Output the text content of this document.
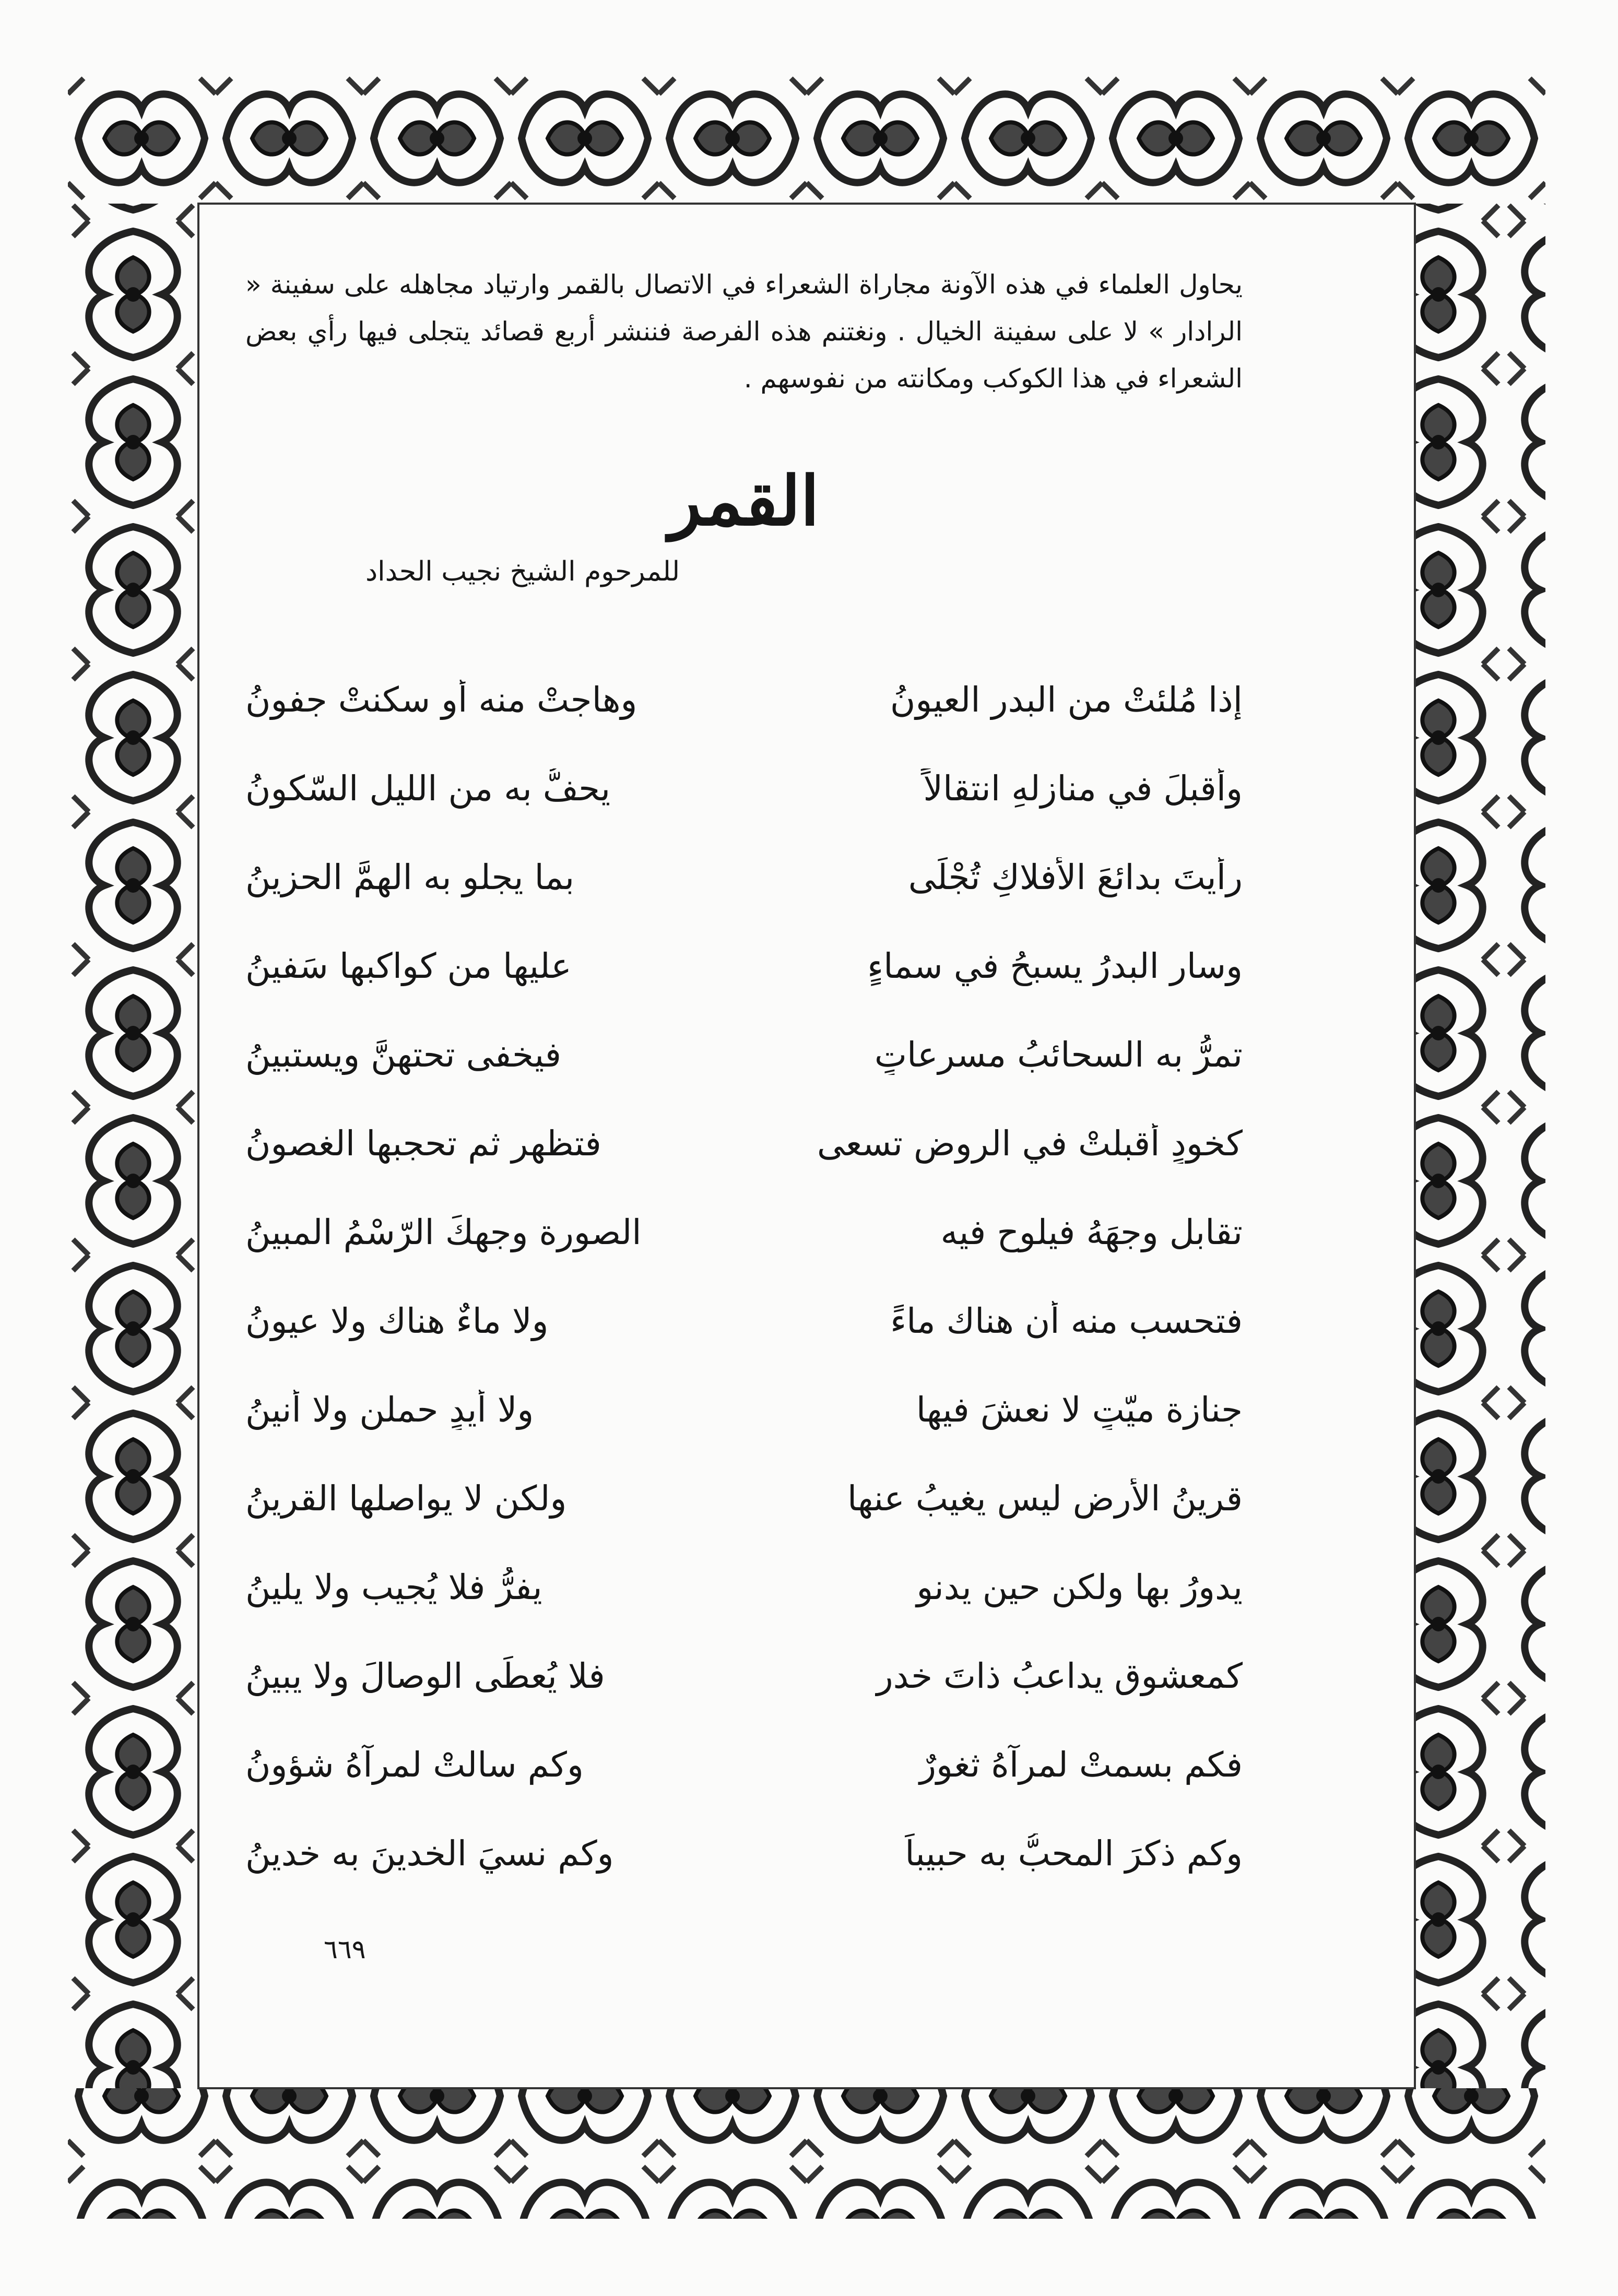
يحاول العلماء في هذه الآونة مجاراة الشعراء في الاتصال بالقمر وارتياد مجاهله على سفينة « الرادار » لا على سفينة الخيال . ونغتنم هذه الفرصة فننشر أربع قصائد يتجلى فيها رأي بعض الشعراء في هذا الكوكب ومكانته من نفوسهم .

القمر
للمرحوم الشيخ نجيب الحداد
إذا مُلئتْ من البدرِ العيونُ
وهاجتْ منه أو سكنتْ جفونُ
وأقبلَ في منازلهِ انتقالاً
يحفُّ به من الليلِ السّكونُ
رأيتَ بدائعَ الأفلاكِ تُجْلَى
بما يجلو به الهمَّ الحزينُ
وسار البدرُ يسبحُ في سماءٍ
عليها من كواكبها سَفينُ
تمرُّ به السحائبُ مسرعاتٍ
فيخفى تحتهنَّ ويستبينُ
كخودٍ أقبلتْ في الروض تسعى
فتظهر ثم تحجبها الغصونُ
تقابل وجهَهُ فيلوح فيه
الصورة وجهكَ الرّسْمُ المبينُ
فتحسب منه أن هناك ماءً
ولا ماءٌ هناك ولا عيونُ
جنازة ميّتٍ لا نعشَ فيها
ولا أيدٍ حملن ولا أنينُ
قرينُ الأرضِ ليس يغيبُ عنها
ولكن لا يواصلها القرينُ
يدورُ بها ولكن حين يدنو
يفرُّ فلا يُجيب ولا يلينُ
كمعشوقٍ يداعبُ ذاتَ خدرٍ
فلا يُعطَى الوصالَ ولا يبينُ
فكم بسمتْ لمرآهُ ثغورٌ
وكم سالتْ لمرآهُ شؤونُ
وكم ذكرَ المحبُّ به حبيباً
وكم نسيَ الخدينَ به خدينُ
٦٦٩
